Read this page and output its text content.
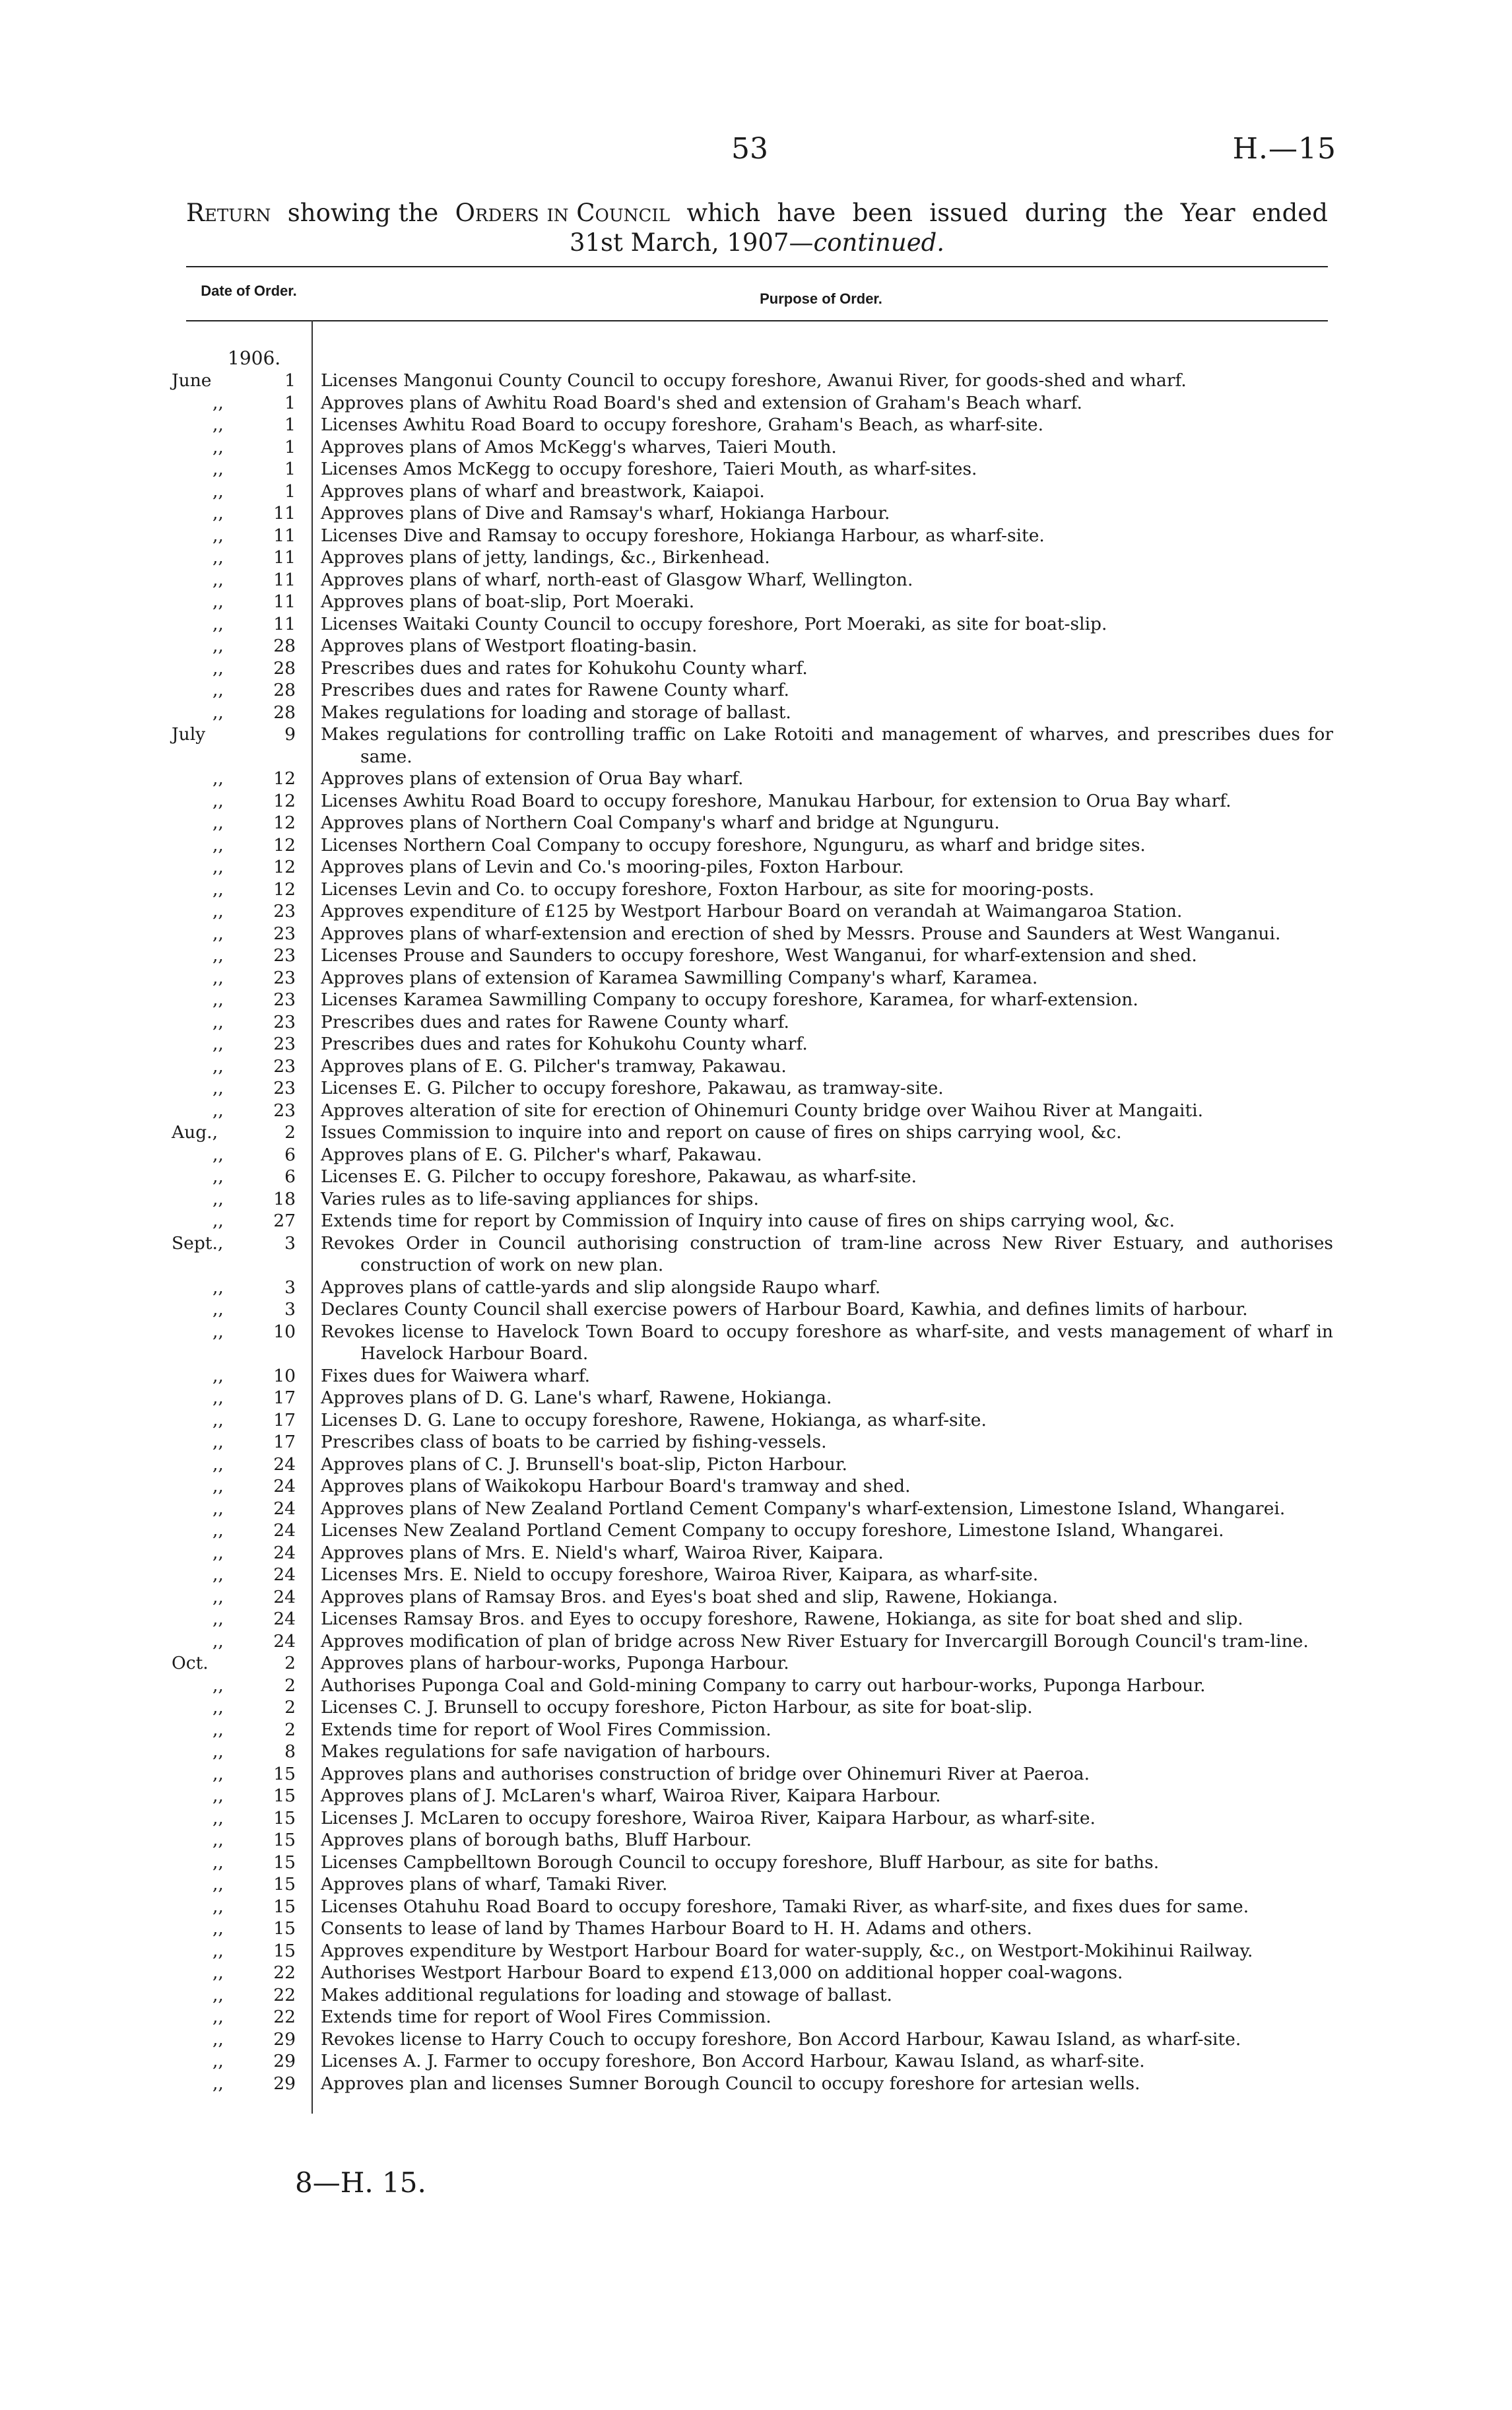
53	H.—15
Return showing the Orders in Council which have been issued during the Year ended
31st March, 1907—continued.
Date of Order.	Purpose of Order.
1906.
June	1 Licenses Mangonui County Council to occupy foreshore, Awanui River, for goods-shed and wharf.
,,	1 Approves plans of Awhitu Road Board's shed and extension of Graham's Beach wharf.
,,	1 Licenses Awhitu Road Board to occupy foreshore, Graham's Beach, as wharf-site.
,,	1 Approves plans of Amos McKegg's wharves, Taieri Mouth.
,,	1 Licenses Amos McKegg to occupy foreshore, Taieri Mouth, as wharf-sites.
,,	1 Approves plans of wharf and breastwork, Kaiapoi.
,,	11 Approves plans of Dive and Ramsay's wharf, Hokianga Harbour.
,,	11 Licenses Dive and Ramsay to occupy foreshore, Hokianga Harbour, as wharf-site.
,,	11 Approves plans of jetty, landings, &c., Birkenhead.
,,	11 Approves plans of wharf, north-east of Glasgow Wharf, Wellington.
,,	11 Approves plans of boat-slip, Port Moeraki.
,,	11 Licenses Waitaki County Council to occupy foreshore, Port Moeraki, as site for boat-slip.
,,	28 Approves plans of Westport floating-basin.
,,	28 Prescribes dues and rates for Kohukohu County wharf.
,,	28 Prescribes dues and rates for Rawene County wharf.
,,	28 Makes regulations for loading and storage of ballast.
July	9 Makes regulations for controlling traffic on Lake Rotoiti and management of wharves, and prescribes dues for same.
,,	12 Approves plans of extension of Orua Bay wharf.
,,	12 Licenses Awhitu Road Board to occupy foreshore, Manukau Harbour, for extension to Orua Bay wharf.
,,	12 Approves plans of Northern Coal Company's wharf and bridge at Ngunguru.
,,	12 Licenses Northern Coal Company to occupy foreshore, Ngunguru, as wharf and bridge sites.
,,	12 Approves plans of Levin and Co.'s mooring-piles, Foxton Harbour.
,,	12 Licenses Levin and Co. to occupy foreshore, Foxton Harbour, as site for mooring-posts.
,,	23 Approves expenditure of £125 by Westport Harbour Board on verandah at Waimangaroa Station.
,,	23 Approves plans of wharf-extension and erection of shed by Messrs. Prouse and Saunders at West Wanganui.
,,	23 Licenses Prouse and Saunders to occupy foreshore, West Wanganui, for wharf-extension and shed.
,,	23 Approves plans of extension of Karamea Sawmilling Company's wharf, Karamea.
,,	23 Licenses Karamea Sawmilling Company to occupy foreshore, Karamea, for wharf-extension.
,,	23 Prescribes dues and rates for Rawene County wharf.
,,	23 Prescribes dues and rates for Kohukohu County wharf.
,,	23 Approves plans of E. G. Pilcher's tramway, Pakawau.
,,	23 Licenses E. G. Pilcher to occupy foreshore, Pakawau, as tramway-site.
,,	23 Approves alteration of site for erection of Ohinemuri County bridge over Waihou River at Mangaiti.
Aug.,	2 Issues Commission to inquire into and report on cause of fires on ships carrying wool, &c.
,,	6 Approves plans of E. G. Pilcher's wharf, Pakawau.
,,	6 Licenses E. G. Pilcher to occupy foreshore, Pakawau, as wharf-site.
,,	18 Varies rules as to life-saving appliances for ships.
,,	27 Extends time for report by Commission of Inquiry into cause of fires on ships carrying wool, &c.
Sept.,	3 Revokes Order in Council authorising construction of tram-line across New River Estuary, and authorises construction of work on new plan.
,,	3 Approves plans of cattle-yards and slip alongside Raupo wharf.
,,	3 Declares County Council shall exercise powers of Harbour Board, Kawhia, and defines limits of harbour.
,,	10 Revokes license to Havelock Town Board to occupy foreshore as wharf-site, and vests management of wharf in Havelock Harbour Board.
,,	10 Fixes dues for Waiwera wharf.
,,	17 Approves plans of D. G. Lane's wharf, Rawene, Hokianga.
,,	17 Licenses D. G. Lane to occupy foreshore, Rawene, Hokianga, as wharf-site.
,,	17 Prescribes class of boats to be carried by fishing-vessels.
,,	24 Approves plans of C. J. Brunsell's boat-slip, Picton Harbour.
,,	24 Approves plans of Waikokopu Harbour Board's tramway and shed.
,,	24 Approves plans of New Zealand Portland Cement Company's wharf-extension, Limestone Island, Whangarei.
,,	24 Licenses New Zealand Portland Cement Company to occupy foreshore, Limestone Island, Whangarei.
,,	24 Approves plans of Mrs. E. Nield's wharf, Wairoa River, Kaipara.
,,	24 Licenses Mrs. E. Nield to occupy foreshore, Wairoa River, Kaipara, as wharf-site.
,,	24 Approves plans of Ramsay Bros. and Eyes's boat shed and slip, Rawene, Hokianga.
,,	24 Licenses Ramsay Bros. and Eyes to occupy foreshore, Rawene, Hokianga, as site for boat shed and slip.
,,	24 Approves modification of plan of bridge across New River Estuary for Invercargill Borough Council's tram-line.
Oct.	2 Approves plans of harbour-works, Puponga Harbour.
,,	2 Authorises Puponga Coal and Gold-mining Company to carry out harbour-works, Puponga Harbour.
,,	2 Licenses C. J. Brunsell to occupy foreshore, Picton Harbour, as site for boat-slip.
,,	2 Extends time for report of Wool Fires Commission.
,,	8 Makes regulations for safe navigation of harbours.
,,	15 Approves plans and authorises construction of bridge over Ohinemuri River at Paeroa.
,,	15 Approves plans of J. McLaren's wharf, Wairoa River, Kaipara Harbour.
,,	15 Licenses J. McLaren to occupy foreshore, Wairoa River, Kaipara Harbour, as wharf-site.
,,	15 Approves plans of borough baths, Bluff Harbour.
,,	15 Licenses Campbelltown Borough Council to occupy foreshore, Bluff Harbour, as site for baths.
,,	15 Approves plans of wharf, Tamaki River.
,,	15 Licenses Otahuhu Road Board to occupy foreshore, Tamaki River, as wharf-site, and fixes dues for same.
,,	15 Consents to lease of land by Thames Harbour Board to H. H. Adams and others.
,,	15 Approves expenditure by Westport Harbour Board for water-supply, &c., on Westport-Mokihinui Railway.
,,	22 Authorises Westport Harbour Board to expend £13,000 on additional hopper coal-wagons.
,,	22 Makes additional regulations for loading and stowage of ballast.
,,	22 Extends time for report of Wool Fires Commission.
,,	29 Revokes license to Harry Couch to occupy foreshore, Bon Accord Harbour, Kawau Island, as wharf-site.
,,	29 Licenses A. J. Farmer to occupy foreshore, Bon Accord Harbour, Kawau Island, as wharf-site.
,,	29 Approves plan and licenses Sumner Borough Council to occupy foreshore for artesian wells.
8—H. 15.
